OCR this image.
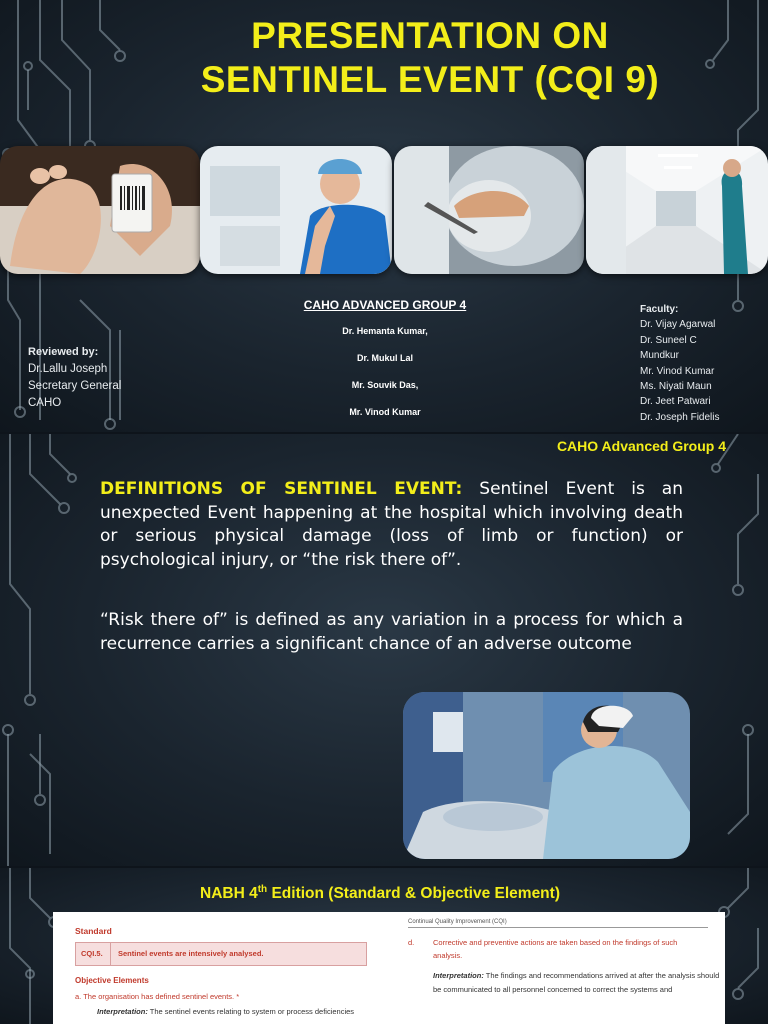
PRESENTATION ON
SENTINEL EVENT (CQI 9)
CAHO ADVANCED GROUP 4
Dr. Hemanta Kumar,
Dr. Mukul Lal
Mr. Souvik Das,
Mr. Vinod Kumar
Reviewed by:
Dr.Lallu Joseph
Secretary General
CAHO
Faculty:
Dr. Vijay Agarwal
Dr. Suneel C
Mundkur
Mr. Vinod Kumar
Ms. Niyati Maun
Dr. Jeet Patwari
Dr. Joseph Fidelis
CAHO Advanced Group 4

DEFINITIONS OF SENTINEL EVENT: Sentinel Event is an unexpected Event happening at the hospital which involving death or serious physical damage (loss of limb or function) or psychological injury, or “the risk there of”.

“Risk there of” is defined as any variation in a process for which a recurrence carries a significant chance of an adverse outcome

NABH 4th Edition (Standard & Objective Element)
Standard
CQI.5.	Sentinel events are intensively analysed.
Objective Elements
a. The organisation has defined sentinel events. *
Interpretation: The sentinel events relating to system or process deficiencies
Continual Quality Improvement (CQI)
d.	Corrective and preventive actions are taken based on the findings of such analysis.
Interpretation: The findings and recommendations arrived at after the analysis should be communicated to all personnel concerned to correct the systems and
